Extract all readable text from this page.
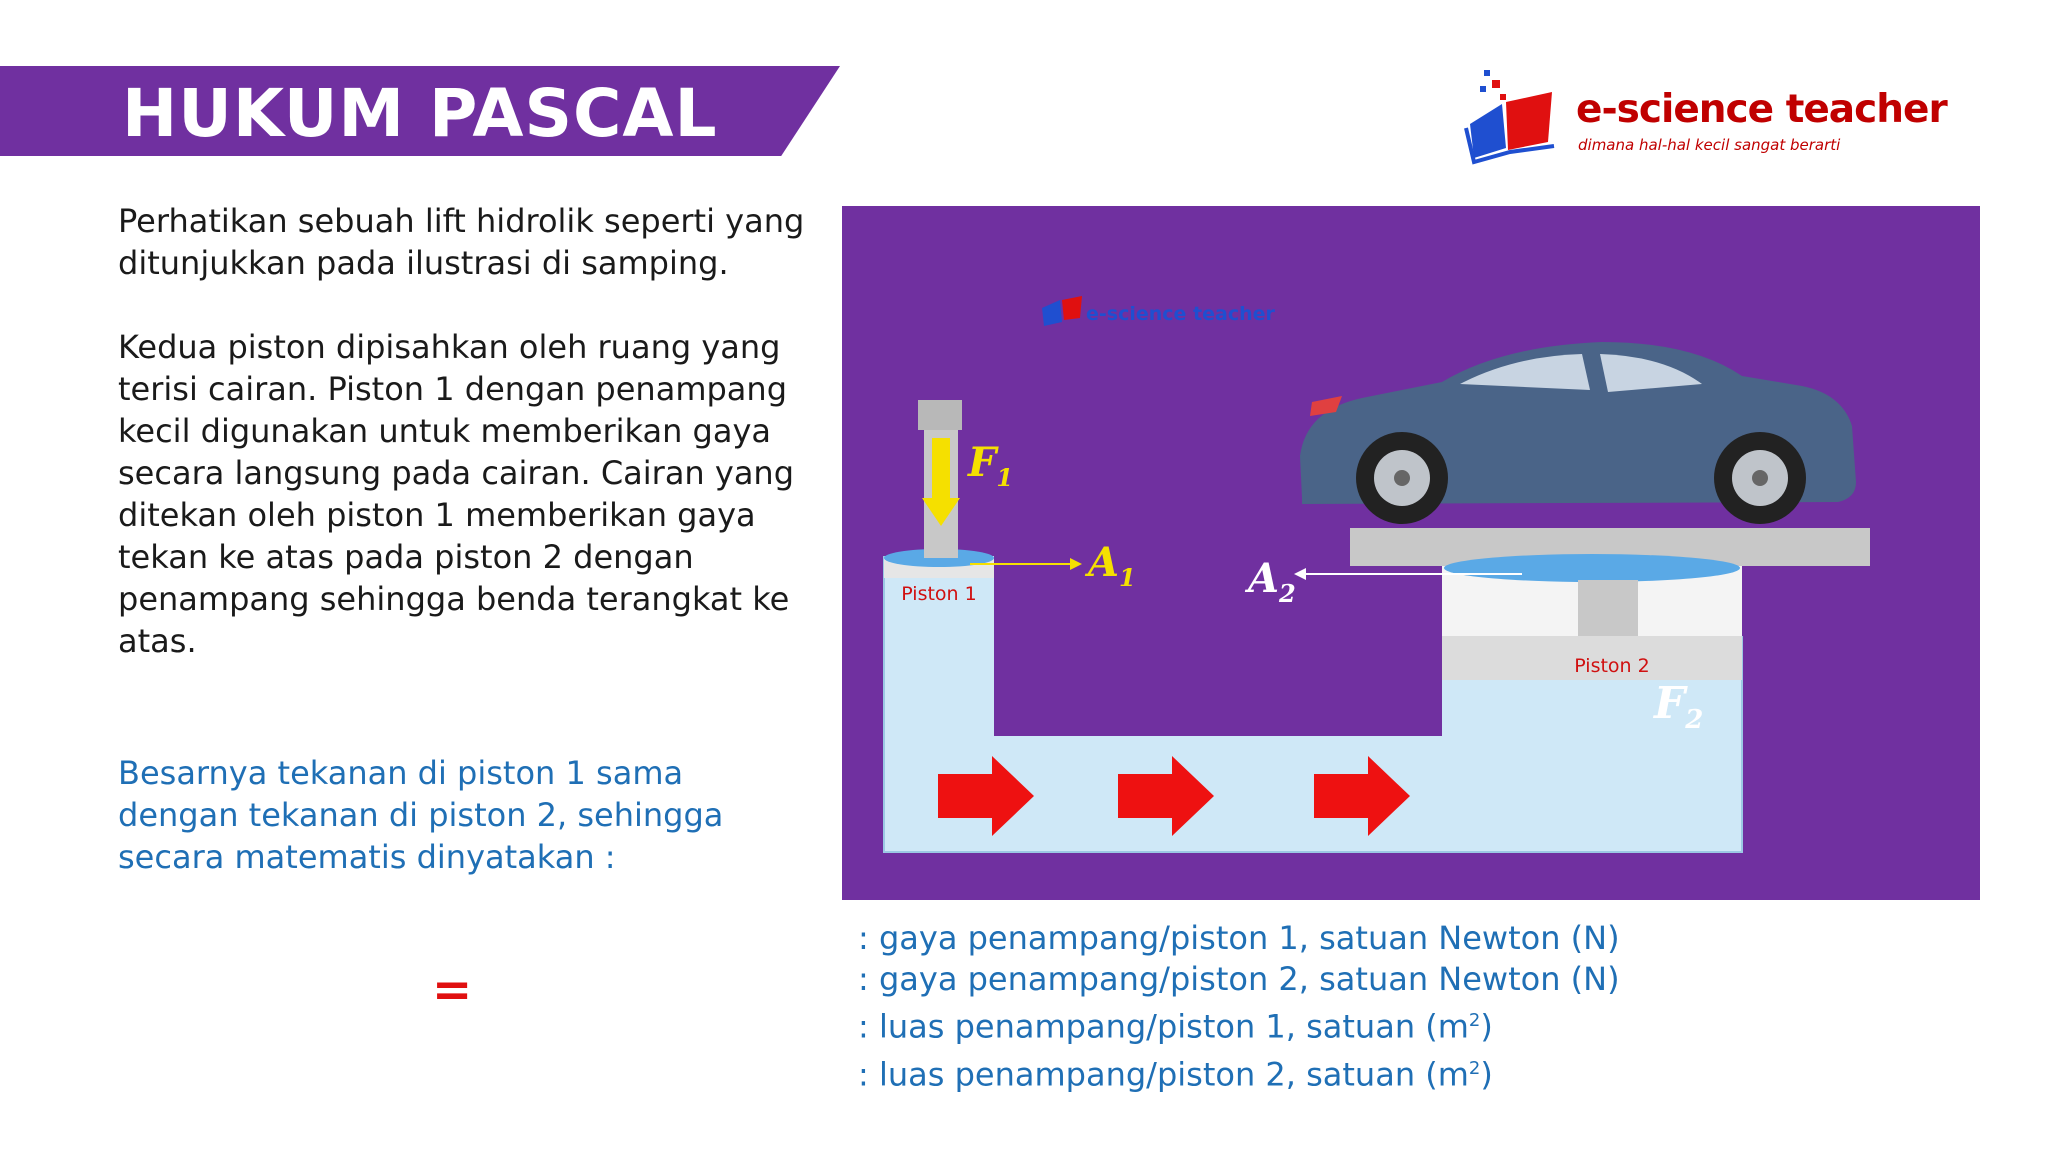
HUKUM PASCAL	e-science teacher
dimana hal-hal kecil sangat berarti

Perhatikan sebuah lift hidrolik seperti yang ditunjukkan pada ilustrasi di samping.

Kedua piston dipisahkan oleh ruang yang terisi cairan. Piston 1 dengan penampang kecil digunakan untuk memberikan gaya secara langsung pada cairan. Cairan yang ditekan oleh piston 1 memberikan gaya tekan ke atas pada piston 2 dengan penampang sehingga benda terangkat ke atas.

Besarnya tekanan di piston 1 sama dengan tekanan di piston 2, sehingga secara matematis dinyatakan :

=
e-science teacher
Piston 1
Piston 2
$F_1$
$A_1$	$A_2$
$F_2$
: gaya penampang/piston 1, satuan Newton (N)
: gaya penampang/piston 2, satuan Newton (N)
: luas penampang/piston 1, satuan $(m^2)$
: luas penampang/piston 2, satuan $(m^2)$
